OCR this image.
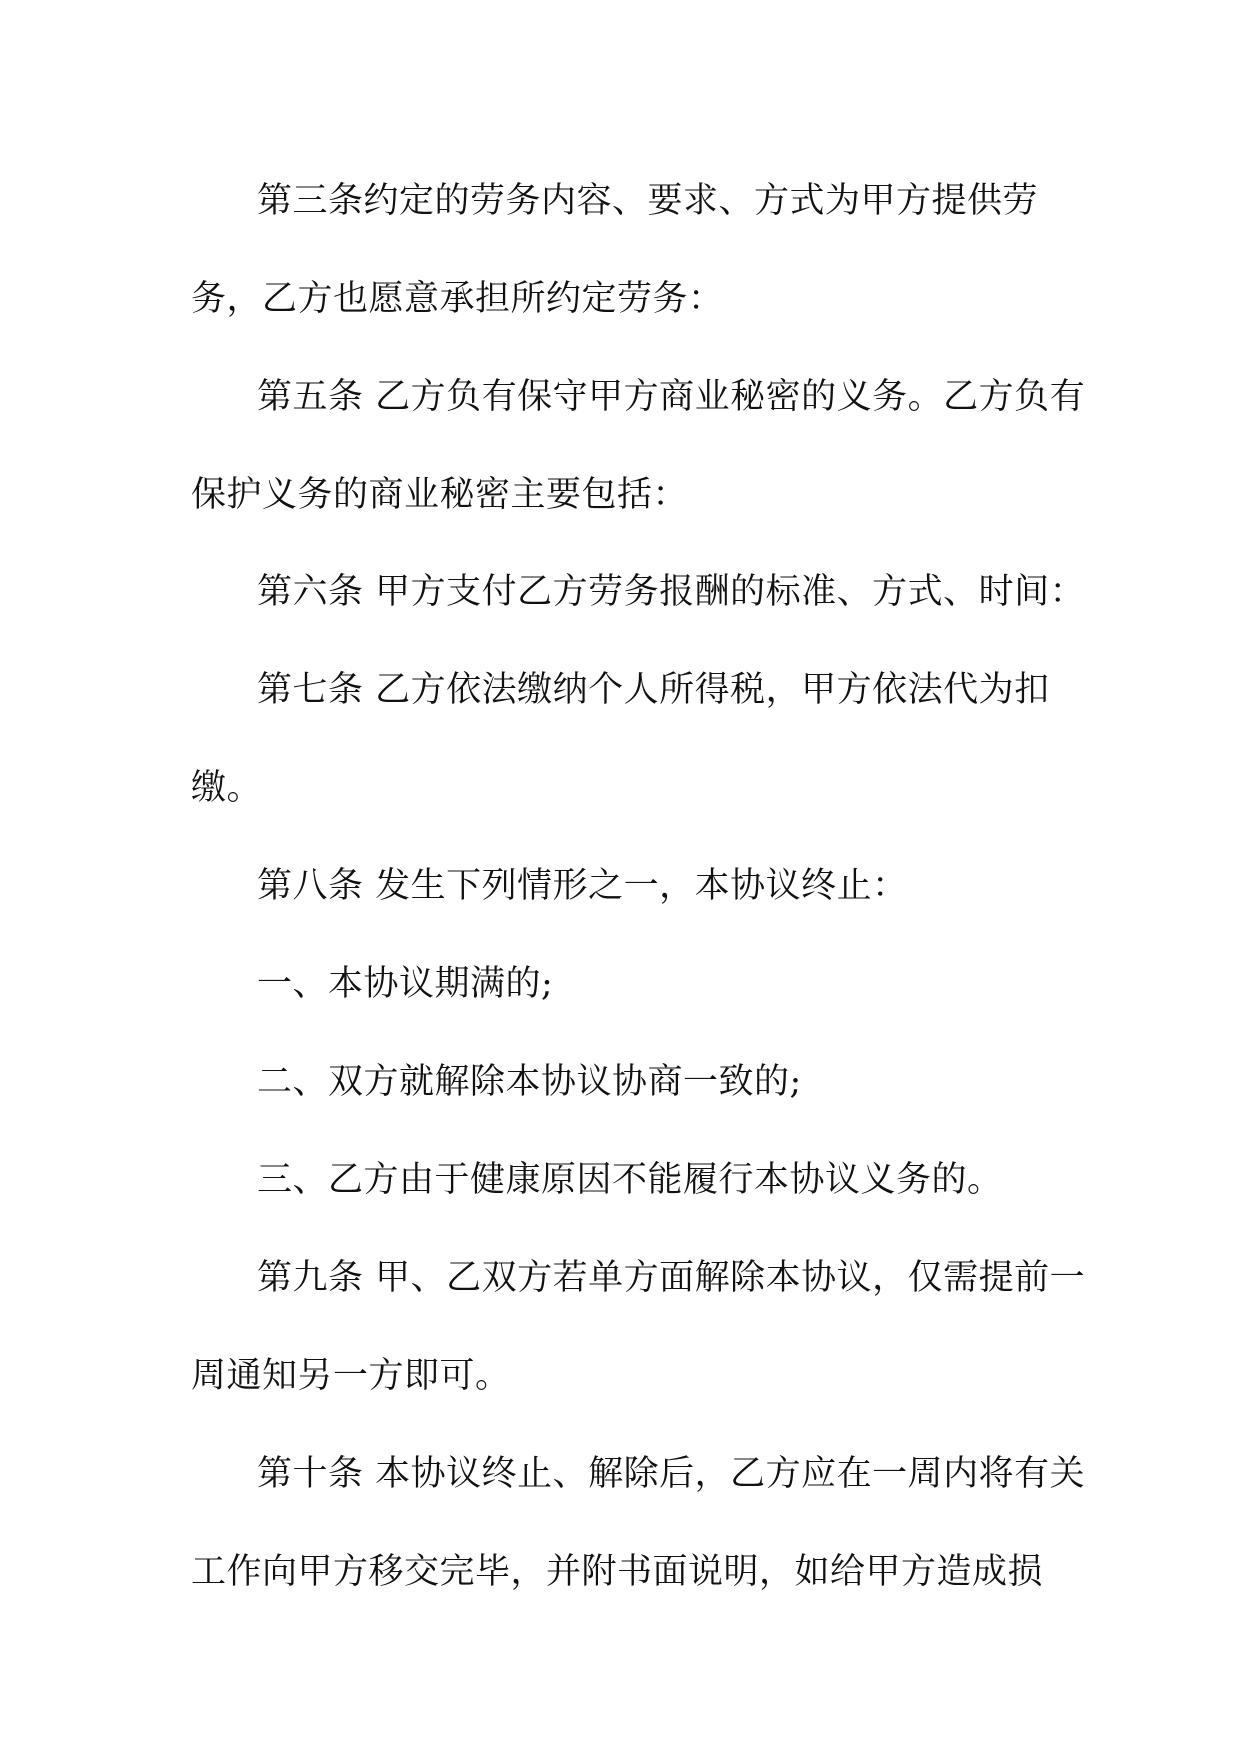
第三条约定的劳务内容、要求、方式为甲方提供劳
务，乙方也愿意承担所约定劳务：
第五条 乙方负有保守甲方商业秘密的义务。乙方负有
保护义务的商业秘密主要包括：
第六条 甲方支付乙方劳务报酬的标准、方式、时间：
第七条 乙方依法缴纳个人所得税，甲方依法代为扣
缴。
第八条 发生下列情形之一，本协议终止：
一、本协议期满的;
二、双方就解除本协议协商一致的;
三、乙方由于健康原因不能履行本协议义务的。
第九条 甲、乙双方若单方面解除本协议，仅需提前一
周通知另一方即可。
第十条 本协议终止、解除后，乙方应在一周内将有关
工作向甲方移交完毕，并附书面说明，如给甲方造成损
